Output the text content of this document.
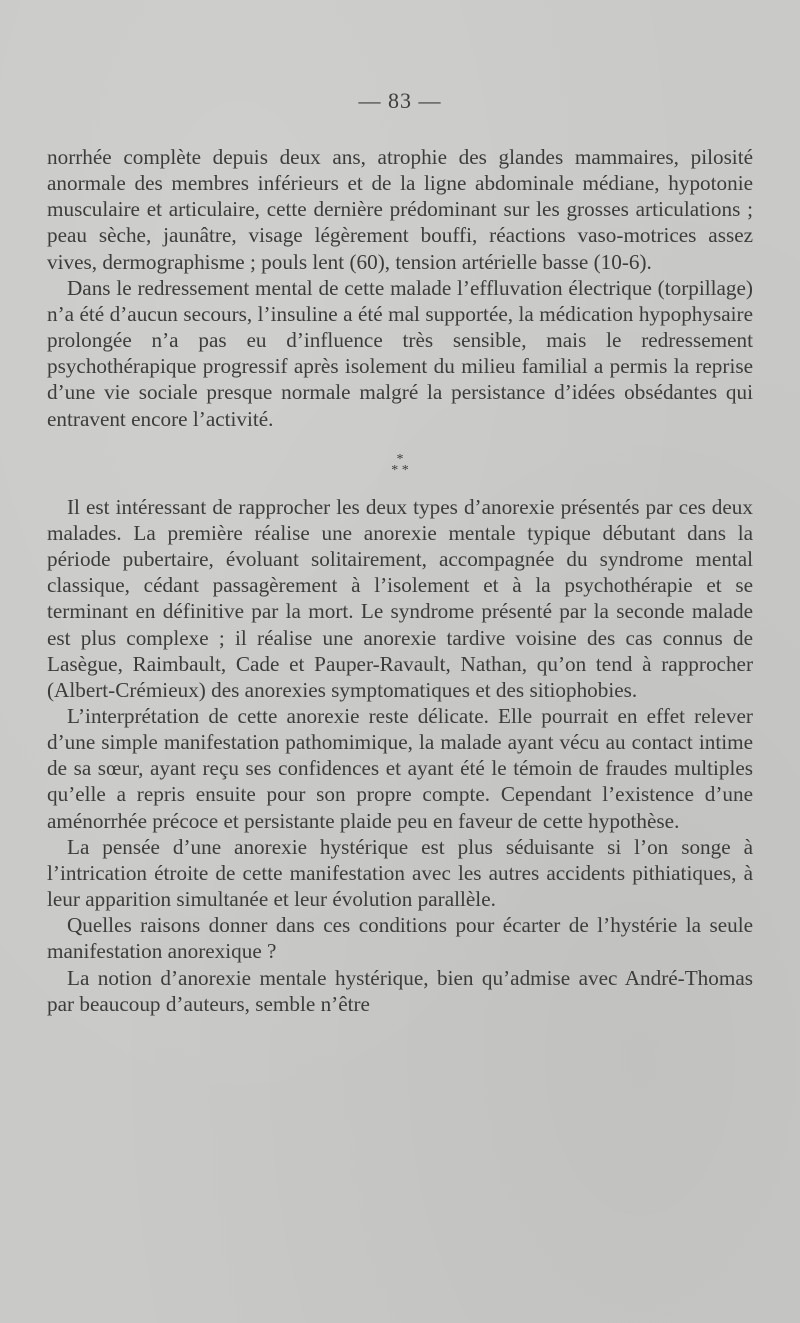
— 83 —

norrhée complète depuis deux ans, atrophie des glandes mammaires, pilosité anormale des membres inférieurs et de la ligne abdominale médiane, hypotonie musculaire et articulaire, cette dernière prédominant sur les grosses articulations ; peau sèche, jaunâtre, visage légèrement bouffi, réactions vaso-motrices assez vives, dermographisme ; pouls lent (60), tension artérielle basse (10-6).

Dans le redressement mental de cette malade l’effluvation électrique (torpillage) n’a été d’aucun secours, l’insuline a été mal supportée, la médication hypophysaire prolongée n’a pas eu d’influence très sensible, mais le redressement psychothérapique progressif après isolement du milieu familial a permis la reprise d’une vie sociale presque normale malgré la persistance d’idées obsédantes qui entravent encore l’activité.

*
* *

Il est intéressant de rapprocher les deux types d’anorexie présentés par ces deux malades. La première réalise une anorexie mentale typique débutant dans la période pubertaire, évoluant solitairement, accompagnée du syndrome mental classique, cédant passagèrement à l’isolement et à la psychothérapie et se terminant en définitive par la mort. Le syndrome présenté par la seconde malade est plus complexe ; il réalise une anorexie tardive voisine des cas connus de Lasègue, Raimbault, Cade et Pauper-Ravault, Nathan, qu’on tend à rapprocher (Albert-Crémieux) des anorexies symptomatiques et des sitiophobies.

L’interprétation de cette anorexie reste délicate. Elle pourrait en effet relever d’une simple manifestation pathomimique, la malade ayant vécu au contact intime de sa sœur, ayant reçu ses confidences et ayant été le témoin de fraudes multiples qu’elle a repris ensuite pour son propre compte. Cependant l’existence d’une aménorrhée précoce et persistante plaide peu en faveur de cette hypothèse.

La pensée d’une anorexie hystérique est plus séduisante si l’on songe à l’intrication étroite de cette manifestation avec les autres accidents pithiatiques, à leur apparition simultanée et leur évolution parallèle.

Quelles raisons donner dans ces conditions pour écarter de l’hystérie la seule manifestation anorexique ?

La notion d’anorexie mentale hystérique, bien qu’admise avec André-Thomas par beaucoup d’auteurs, semble n’être
